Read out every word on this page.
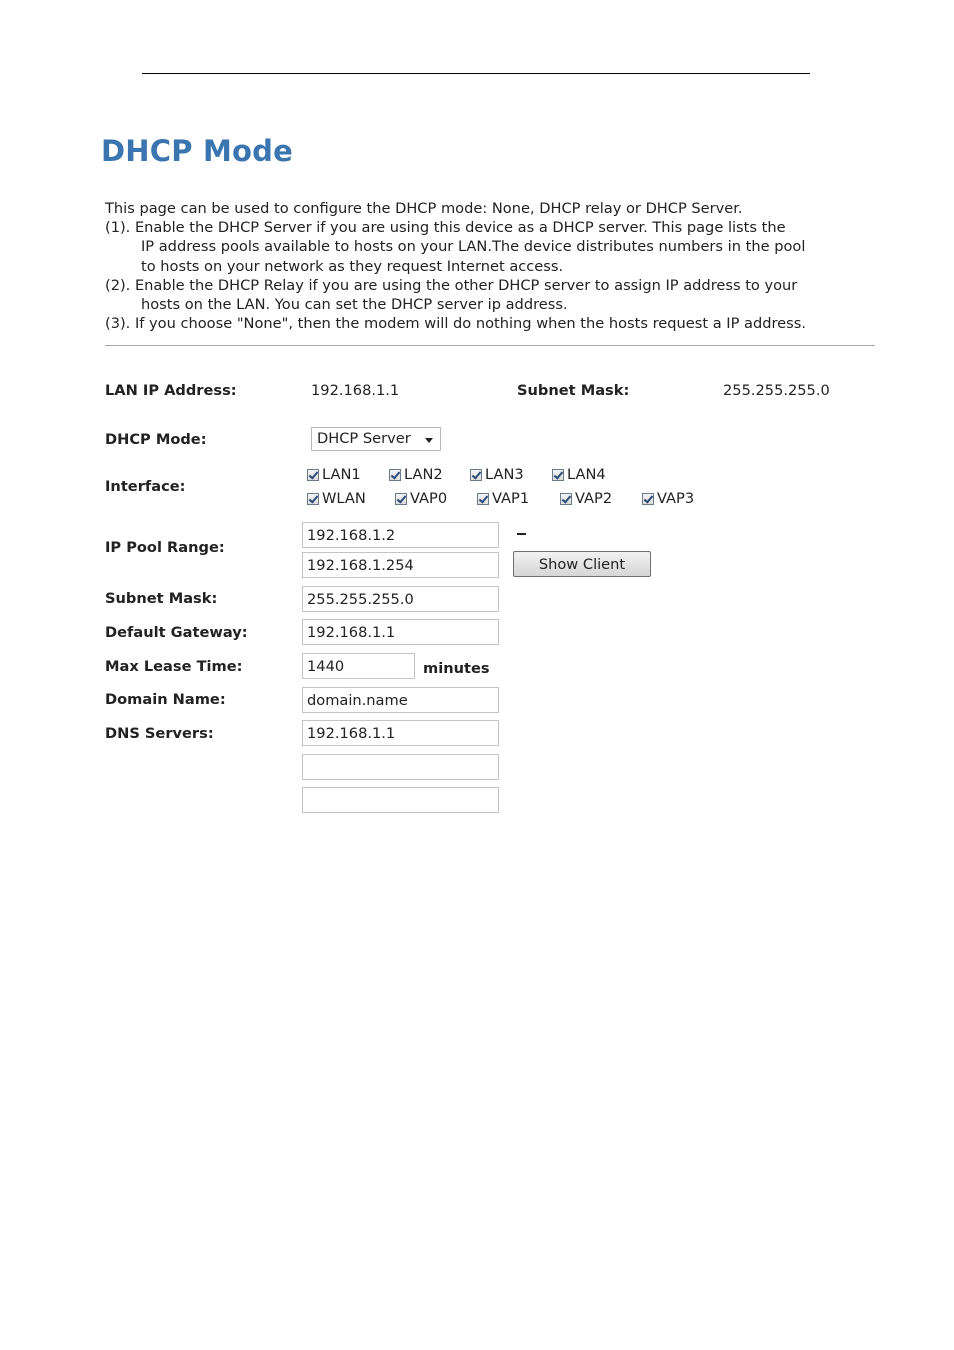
DHCP Mode
This page can be used to configure the DHCP mode: None, DHCP relay or DHCP Server.
(1). Enable the DHCP Server if you are using this device as a DHCP server. This page lists the
IP address pools available to hosts on your LAN.The device distributes numbers in the pool
to hosts on your network as they request Internet access.
(2). Enable the DHCP Relay if you are using the other DHCP server to assign IP address to your
hosts on the LAN. You can set the DHCP server ip address.
(3). If you choose "None", then the modem will do nothing when the hosts request a IP address.
LAN IP Address:	192.168.1.1	Subnet Mask:	255.255.255.0
DHCP Mode:	DHCP Server
Interface:
LAN1	LAN2	LAN3	LAN4
WLAN	VAP0	VAP1	VAP2	VAP3
IP Pool Range:
192.168.1.2
192.168.1.254
Show Client
Subnet Mask:
255.255.255.0
Default Gateway:
192.168.1.1
Max Lease Time:
1440	minutes
Domain Name:
domain.name
DNS Servers:
192.168.1.1
